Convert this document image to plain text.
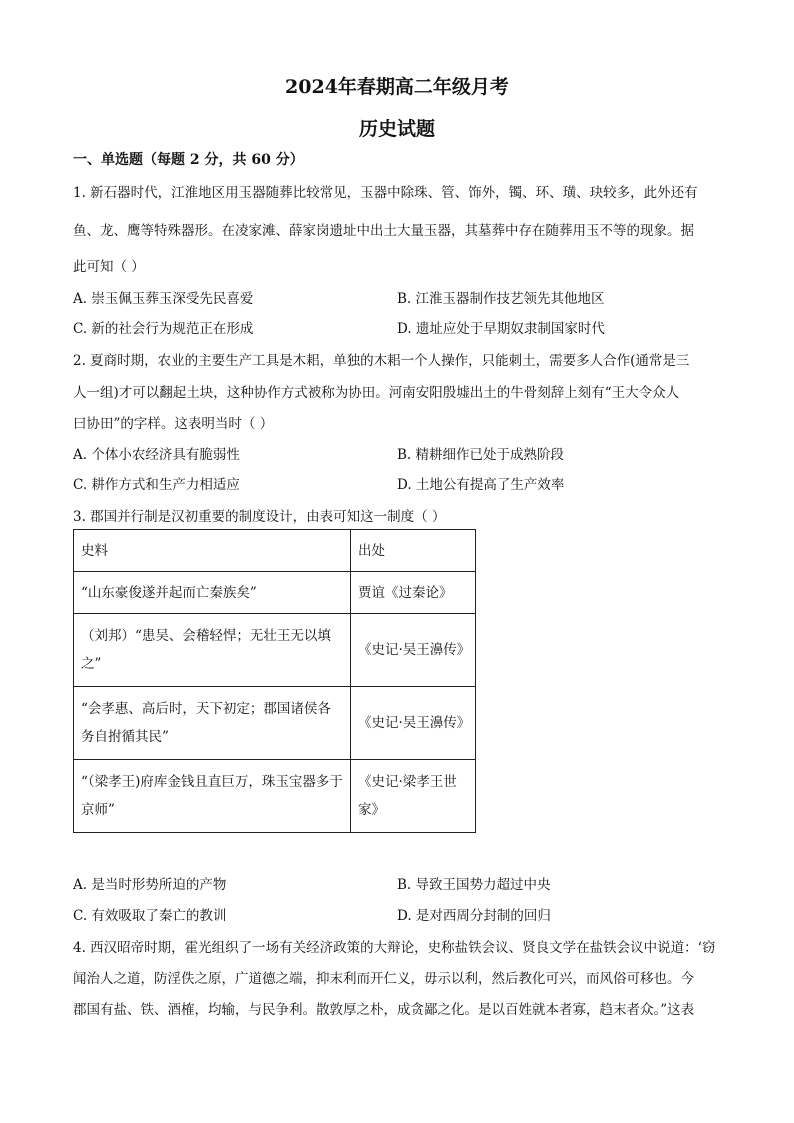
2024年春期高二年级月考
历史试题
一、单选题（每题 2 分，共 60 分）
1. 新石器时代，江淮地区用玉器随葬比较常见，玉器中除珠、管、饰外，镯、环、璜、玦较多，此外还有
鱼、龙、鹰等特殊器形。在凌家滩、薛家岗遗址中出土大量玉器，其墓葬中存在随葬用玉不等的现象。据
此可知（ ）
A. 崇玉佩玉葬玉深受先民喜爱	B. 江淮玉器制作技艺领先其他地区
C. 新的社会行为规范正在形成	D. 遗址应处于早期奴隶制国家时代
2. 夏商时期，农业的主要生产工具是木耜，单独的木耜一个人操作，只能刺土，需要多人合作(通常是三
人一组)才可以翻起土块，这种协作方式被称为协田。河南安阳殷墟出土的牛骨刻辞上刻有“王大令众人
曰协田”的字样。这表明当时（ ）
A. 个体小农经济具有脆弱性	B. 精耕细作已处于成熟阶段
C. 耕作方式和生产力相适应	D. 土地公有提高了生产效率
3. 郡国并行制是汉初重要的制度设计，由表可知这一制度（ ）
史料	出处
“山东豪俊遂并起而亡秦族矣”	贾谊《过秦论》
（刘邦）“患吴、会稽轻悍；无壮王无以填之”	《史记·吴王濞传》
“会孝惠、高后时，天下初定；郡国诸侯各务自拊循其民”	《史记·吴王濞传》
“（梁孝王)府库金钱且直巨万，珠玉宝器多于京师”	《史记·梁孝王世家》
A. 是当时形势所迫的产物	B. 导致王国势力超过中央
C. 有效吸取了秦亡的教训	D. 是对西周分封制的回归
4. 西汉昭帝时期，霍光组织了一场有关经济政策的大辩论，史称盐铁会议、贤良文学在盐铁会议中说道：‘窃
闻治人之道，防淫佚之原，广道德之端，抑末利而开仁义，毋示以利，然后教化可兴，而风俗可移也。今
郡国有盐、铁、酒榷，均输，与民争利。散敦厚之朴，成贪鄙之化。是以百姓就本者寡，趋末者众。”这表
